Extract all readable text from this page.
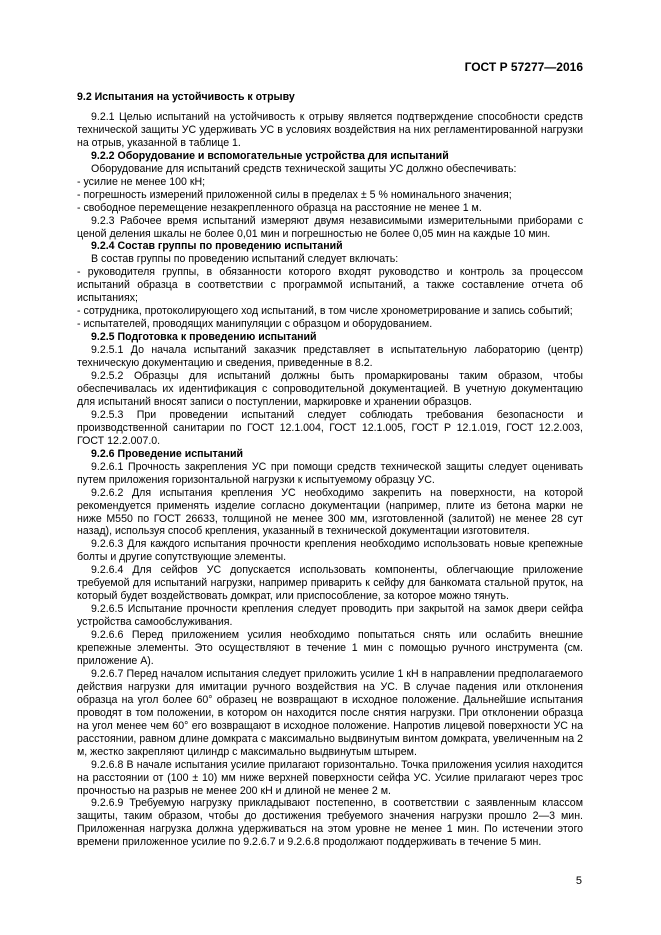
ГОСТ Р 57277—2016
9.2 Испытания на устойчивость к отрыву
9.2.1 Целью испытаний на устойчивость к отрыву является подтверждение способности средств технической защиты УС удерживать УС в условиях воздействия на них регламентированной нагрузки на отрыв, указанной в таблице 1.
9.2.2 Оборудование и вспомогательные устройства для испытаний
Оборудование для испытаний средств технической защиты УС должно обеспечивать:
- усилие не менее 100 кН;
- погрешность измерений приложенной силы в пределах ± 5 % номинального значения;
- свободное перемещение незакрепленного образца на расстояние не менее 1 м.
9.2.3 Рабочее время испытаний измеряют двумя независимыми измерительными приборами с ценой деления шкалы не более 0,01 мин и погрешностью не более 0,05 мин на каждые 10 мин.
9.2.4 Состав группы по проведению испытаний
В состав группы по проведению испытаний следует включать:
- руководителя группы, в обязанности которого входят руководство и контроль за процессом испытаний образца в соответствии с программой испытаний, а также составление отчета об испытаниях;
- сотрудника, протоколирующего ход испытаний, в том числе хронометрирование и запись событий;
- испытателей, проводящих манипуляции с образцом и оборудованием.
9.2.5 Подготовка к проведению испытаний
9.2.5.1 До начала испытаний заказчик представляет в испытательную лабораторию (центр) техническую документацию и сведения, приведенные в 8.2.
9.2.5.2 Образцы для испытаний должны быть промаркированы таким образом, чтобы обеспечивалась их идентификация с сопроводительной документацией. В учетную документацию для испытаний вносят записи о поступлении, маркировке и хранении образцов.
9.2.5.3 При проведении испытаний следует соблюдать требования безопасности и производственной санитарии по ГОСТ 12.1.004, ГОСТ 12.1.005, ГОСТ Р 12.1.019, ГОСТ 12.2.003, ГОСТ 12.2.007.0.
9.2.6 Проведение испытаний
9.2.6.1 Прочность закрепления УС при помощи средств технической защиты следует оценивать путем приложения горизонтальной нагрузки к испытуемому образцу УС.
9.2.6.2 Для испытания крепления УС необходимо закрепить на поверхности, на которой рекомендуется применять изделие согласно документации (например, плите из бетона марки не ниже М550 по ГОСТ 26633, толщиной не менее 300 мм, изготовленной (залитой) не менее 28 сут назад), используя способ крепления, указанный в технической документации изготовителя.
9.2.6.3 Для каждого испытания прочности крепления необходимо использовать новые крепежные болты и другие сопутствующие элементы.
9.2.6.4 Для сейфов УС допускается использовать компоненты, облегчающие приложение требуемой для испытаний нагрузки, например приварить к сейфу для банкомата стальной пруток, на который будет воздействовать домкрат, или приспособление, за которое можно тянуть.
9.2.6.5 Испытание прочности крепления следует проводить при закрытой на замок двери сейфа устройства самообслуживания.
9.2.6.6 Перед приложением усилия необходимо попытаться снять или ослабить внешние крепежные элементы. Это осуществляют в течение 1 мин с помощью ручного инструмента (см. приложение А).
9.2.6.7 Перед началом испытания следует приложить усилие 1 кН в направлении предполагаемого действия нагрузки для имитации ручного воздействия на УС. В случае падения или отклонения образца на угол более 60° образец не возвращают в исходное положение. Дальнейшие испытания проводят в том положении, в котором он находится после снятия нагрузки. При отклонении образца на угол менее чем 60° его возвращают в исходное положение. Напротив лицевой поверхности УС на расстоянии, равном длине домкрата с максимально выдвинутым винтом домкрата, увеличенным на 2 м, жестко закрепляют цилиндр с максимально выдвинутым штырем.
9.2.6.8 В начале испытания усилие прилагают горизонтально. Точка приложения усилия находится на расстоянии от (100 ± 10) мм ниже верхней поверхности сейфа УС. Усилие прилагают через трос прочностью на разрыв не менее 200 кН и длиной не менее 2 м.
9.2.6.9 Требуемую нагрузку прикладывают постепенно, в соответствии с заявленным классом защиты, таким образом, чтобы до достижения требуемого значения нагрузки прошло 2—3 мин. Приложенная нагрузка должна удерживаться на этом уровне не менее 1 мин. По истечении этого времени приложенное усилие по 9.2.6.7 и 9.2.6.8 продолжают поддерживать в течение 5 мин.
5
